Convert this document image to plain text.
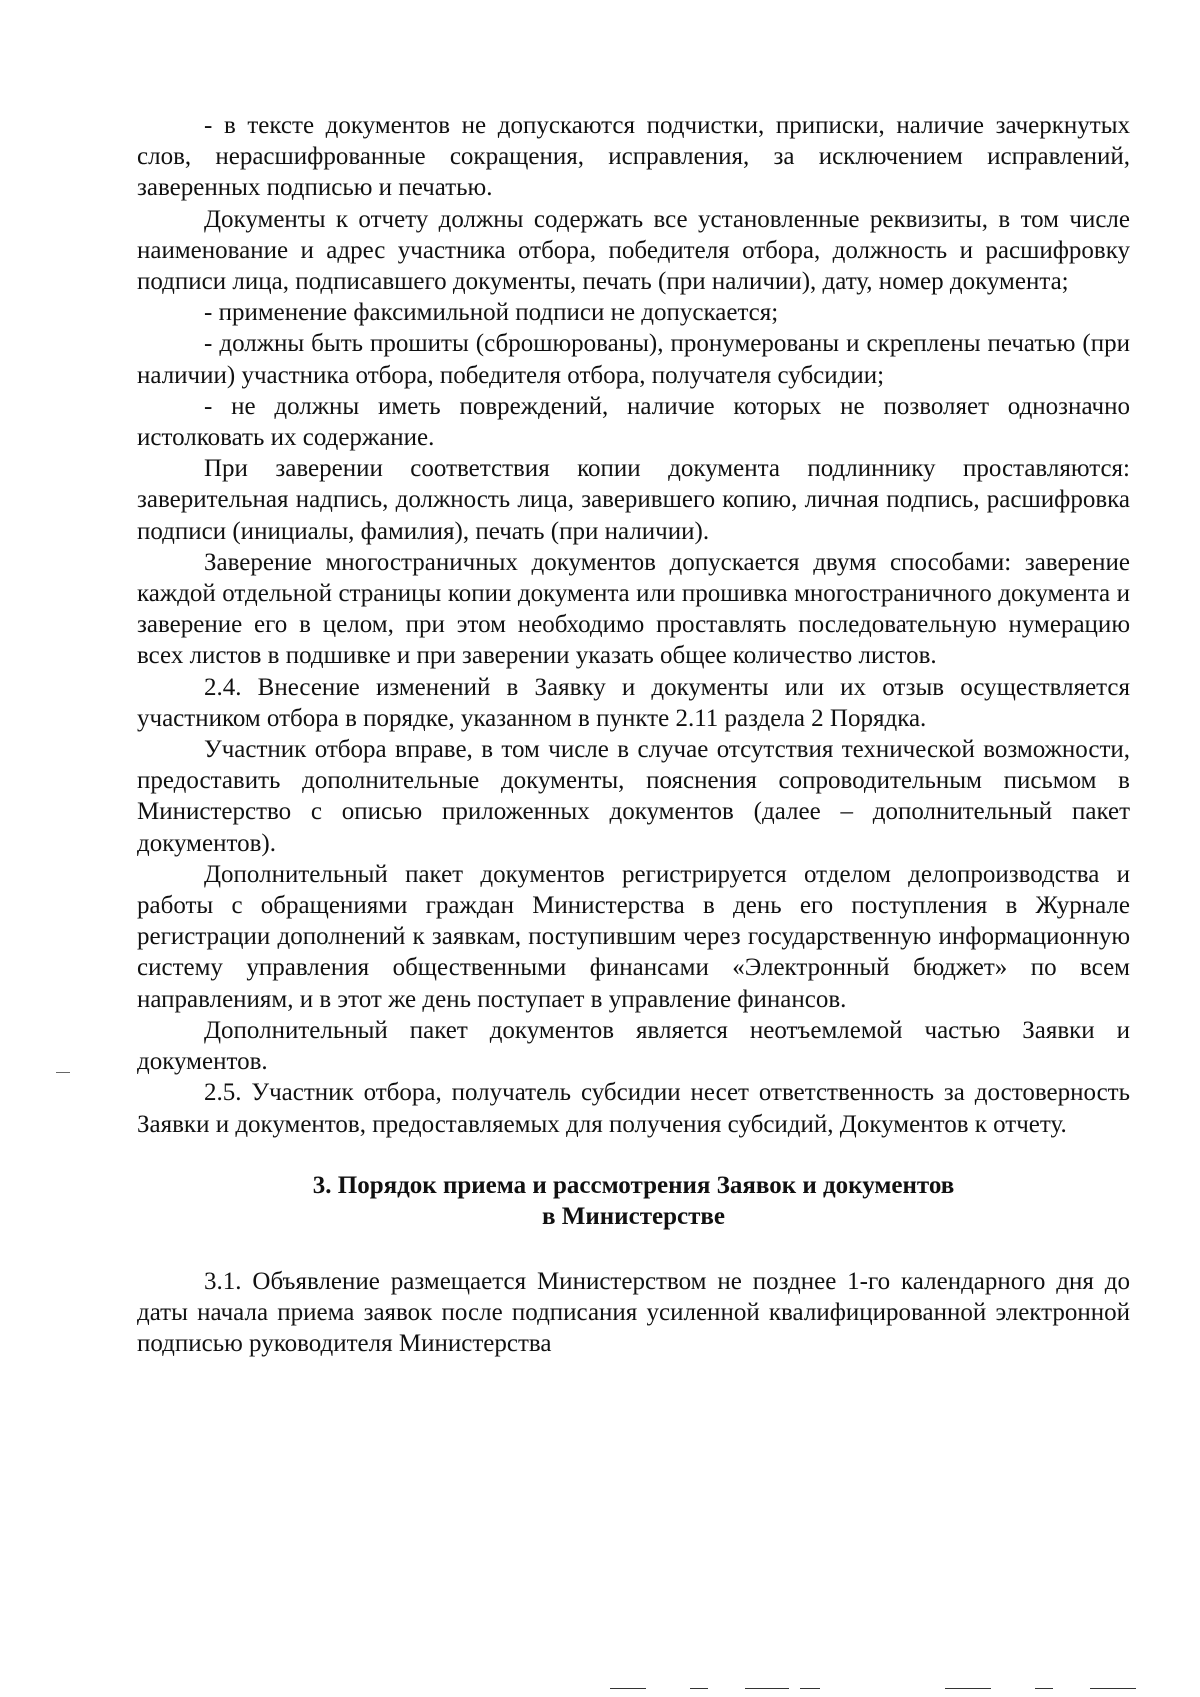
- в тексте документов не допускаются подчистки, приписки, наличие зачеркнутых слов, нерасшифрованные сокращения, исправления, за исключением исправлений, заверенных подписью и печатью.

Документы к отчету должны содержать все установленные реквизиты, в том числе наименование и адрес участника отбора, победителя отбора, должность и расшифровку подписи лица, подписавшего документы, печать (при наличии), дату, номер документа;

- применение факсимильной подписи не допускается;

- должны быть прошиты (сброшюрованы), пронумерованы и скреплены печатью (при наличии) участника отбора, победителя отбора, получателя субсидии;

- не должны иметь повреждений, наличие которых не позволяет однозначно истолковать их содержание.

При заверении соответствия копии документа подлиннику проставляются: заверительная надпись, должность лица, заверившего копию, личная подпись, расшифровка подписи (инициалы, фамилия), печать (при наличии).

Заверение многостраничных документов допускается двумя способами: заверение каждой отдельной страницы копии документа или прошивка многостраничного документа и заверение его в целом, при этом необходимо проставлять последовательную нумерацию всех листов в подшивке и при заверении указать общее количество листов.

2.4. Внесение изменений в Заявку и документы или их отзыв осуществляется участником отбора в порядке, указанном в пункте 2.11 раздела 2 Порядка.

Участник отбора вправе, в том числе в случае отсутствия технической возможности, предоставить дополнительные документы, пояснения сопроводительным письмом в Министерство с описью приложенных документов (далее – дополнительный пакет документов).

Дополнительный пакет документов регистрируется отделом делопроизводства и работы с обращениями граждан Министерства в день его поступления в Журнале регистрации дополнений к заявкам, поступившим через государственную информационную систему управления общественными финансами «Электронный бюджет» по всем направлениям, и в этот же день поступает в управление финансов.

Дополнительный пакет документов является неотъемлемой частью Заявки и документов.

2.5. Участник отбора, получатель субсидии несет ответственность за достоверность Заявки и документов, предоставляемых для получения субсидий, Документов к отчету.

3. Порядок приема и рассмотрения Заявок и документов
в Министерстве

3.1. Объявление размещается Министерством не позднее 1-го календарного дня до даты начала приема заявок после подписания усиленной квалифицированной электронной подписью руководителя Министерства
